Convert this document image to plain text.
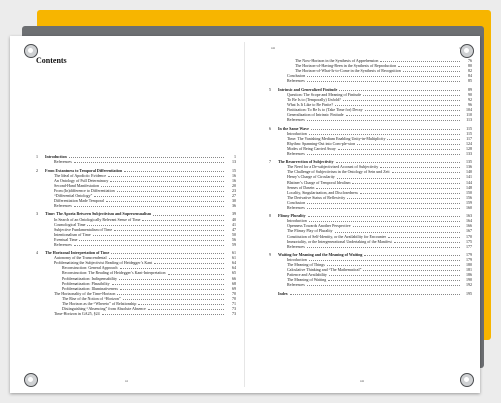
Contents
1	Introduction	1
References	13
2	From Extantness to Temporal Differentiation	15
The Ideal of Apodictic Evidence	16
An Ontology of Full Determinacy	16
Second-Hand Manifestation	20
From (In)difference to Differentiation	23
“Differential Ontology”	27
Differentiation Made Temporal	30
References	36
3	Time: The Aporia Between Subjectivism and Supersensualism	39
In Search of an Ontologically Relevant Sense of Time	40
Cosmological Time	41
Subjective Fundamentalism of Time	47
Intentionalism of Time	50
Eventual Time	56
References	59
4	The Horizonal Interpretation of Time	61
Autonomy of the Transcendental	61
Problematizing the Subjectivist Reading of Heidegger’s Kant	64
Reconstruction: General Approach	64
Reconstruction: The Reading of Heidegger’s Kant-Interpretation	65
Problematization: Indispensability	66
Problematization: Plausibility	68
Problematization: Illuminativeness	69
The Horizonality of the Time-Horizon	70
The Rise of the Notion of “Horizon”	70
The Horizon as the “Whereto” of Relationship	71
Distinguishing “Absencing” from Absolute Absence	73
Time-Horizon in GA25, §24	73
xi
xii
The Now-Horizon in the Synthesis of Apprehension	76
The Horizon-of-Having-Been in the Synthesis of Reproduction	80
The Horizon-of-What-Is-to-Come in the Synthesis of Recognition	82
Conclusion	84
References	85
5	Intrinsic and Generalized Finitude	89
Question: The Scope and Meaning of Finitude	90
To Be Is to (Temporally) Unfold?	92
What Is It Like to Be Finite?	96
Finitization: To Be Is to (Take Time for) Decay	104
Generalization of Intrinsic Finitude	110
References	113
6	In the Same Wave	115
Introduction	115
Time: The Vanishing Medium Enabling Unity-in-Multiplicity	117
Rhythm: Spanning-Out into Com-ple-xion	124
Modes of Being Carried Away	128
References	133
7	The Resurrection of Subjectivity	135
The Need for a De-subjectivized Account of Subjectivity	136
The Challenge of Subjectivism in the Ontology of Sein und Zeit	140
Henry’s Charge of Circularity	141
Blattner’s Charge of Temporal Idealism	144
Senses of Dasein	148
Locality, Singularization, and Disclosedness	150
The Derivative Status of Reflexivity	156
Conclusion	159
References	160
8	Flimsy Plurality	163
Introduction	164
Openness Towards Another Perspective	166
The Flimsy Play of Plurality	167
Constitution of Self-Identity, or the Availability for Encounter	170
Immortality, or the Intergenerational Undertaking of the Manifest	175
References	177
9	Waiting for Meaning and the Meaning of Waiting	179
Introduction	179
The Meaning of Things	180
Calculative Thinking and “The Mathematical”	181
Patience and Availability	186
The Meaning of Waiting	190
References	192
Index	195
xii
